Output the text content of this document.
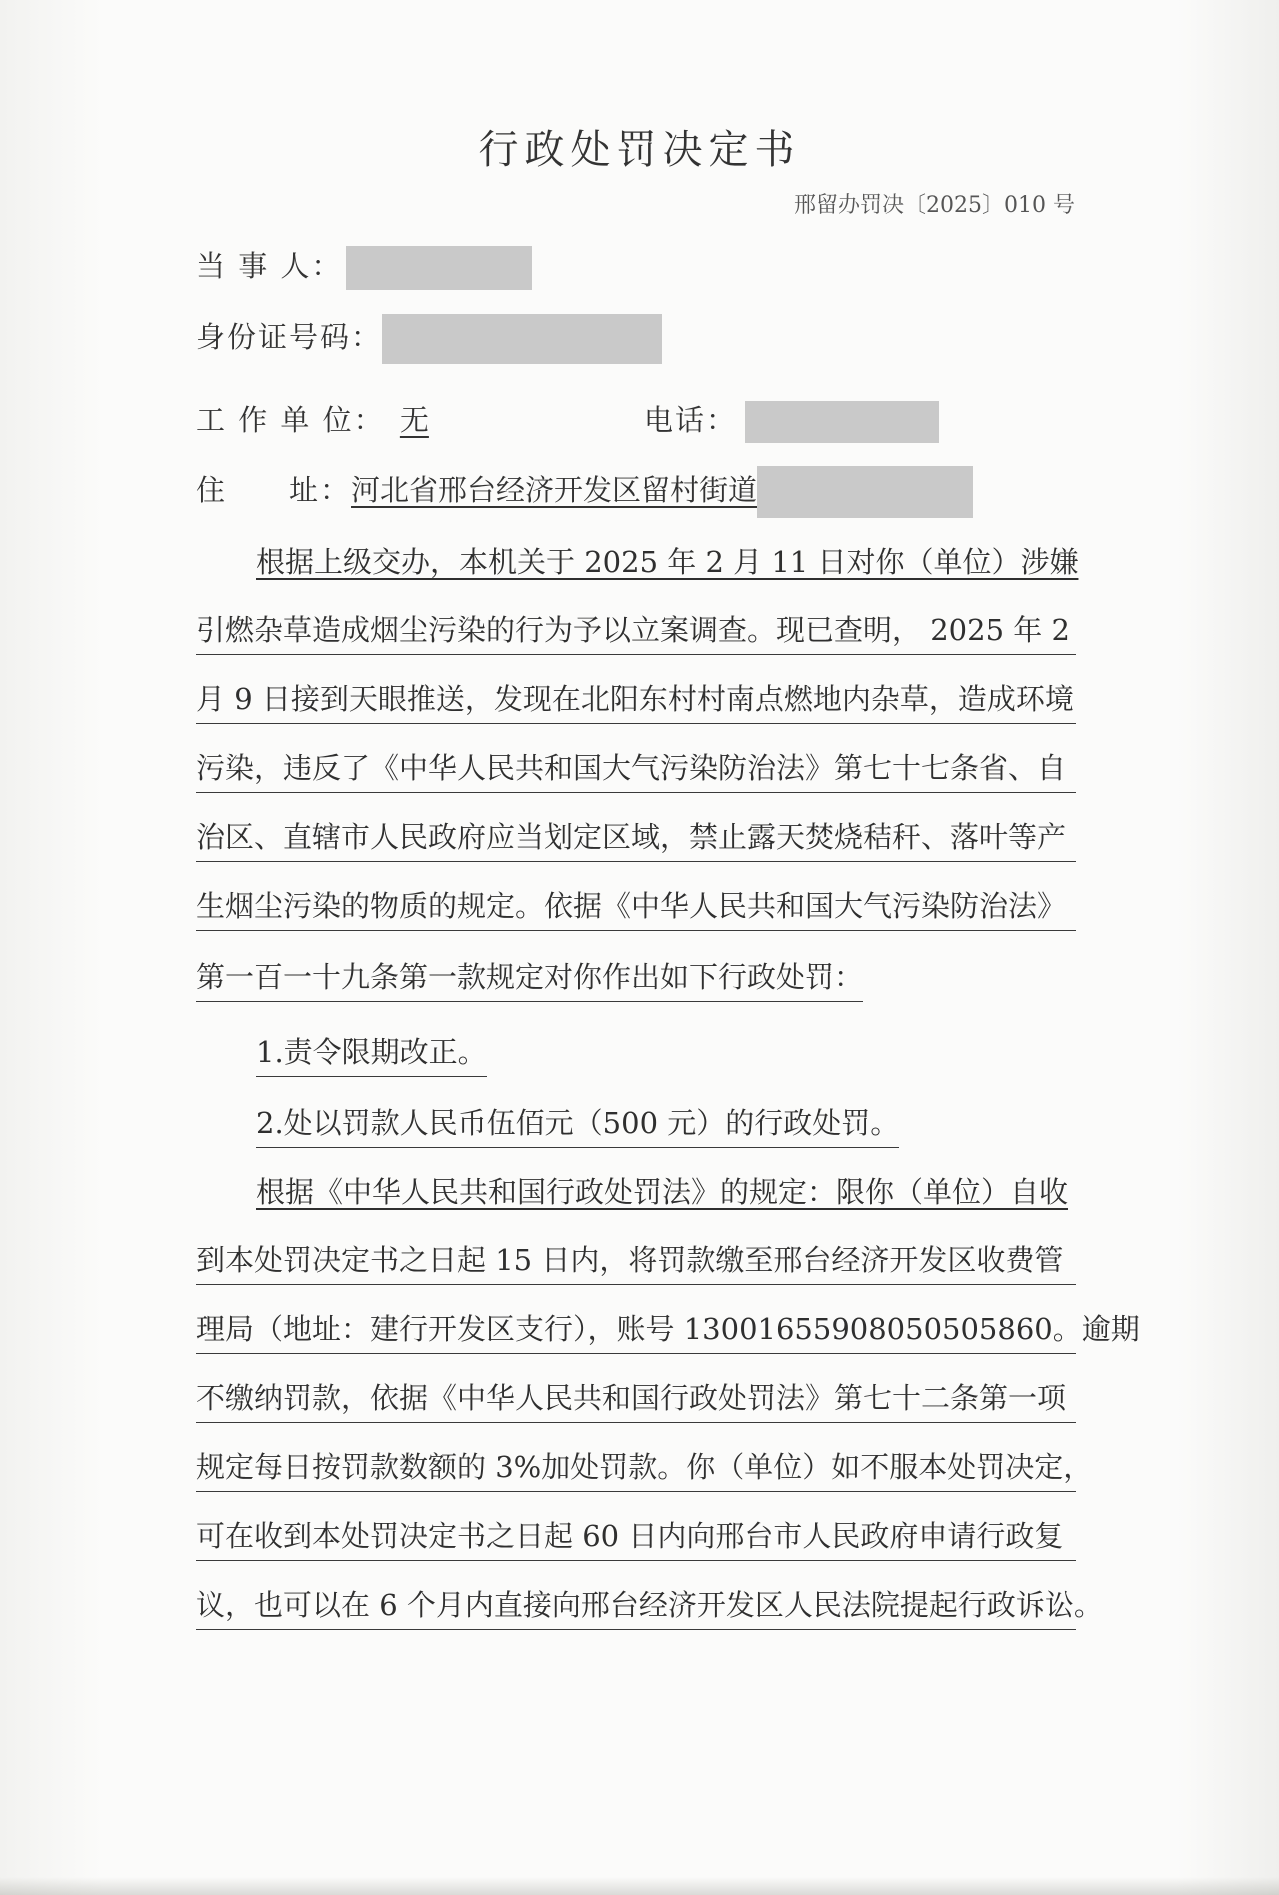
行政处罚决定书
邢留办罚决〔2025〕010 号
当 事 人：
身份证号码：
工 作 单 位： 无	电话：
住　　址：河北省邢台经济开发区留村街道
根据上级交办，本机关于 2025 年 2 月 11 日对你（单位）涉嫌
引燃杂草造成烟尘污染的行为予以立案调查。现已查明， 2025 年 2
月 9 日接到天眼推送，发现在北阳东村村南点燃地内杂草，造成环境
污染，违反了《中华人民共和国大气污染防治法》第七十七条省、自
治区、直辖市人民政府应当划定区域，禁止露天焚烧秸秆、落叶等产
生烟尘污染的物质的规定。依据《中华人民共和国大气污染防治法》
第一百一十九条第一款规定对你作出如下行政处罚：
1.责令限期改正。
2.处以罚款人民币伍佰元（500 元）的行政处罚。
根据《中华人民共和国行政处罚法》的规定：限你（单位）自收
到本处罚决定书之日起 15 日内，将罚款缴至邢台经济开发区收费管
理局（地址：建行开发区支行），账号 13001655908050505860。逾期
不缴纳罚款，依据《中华人民共和国行政处罚法》第七十二条第一项
规定每日按罚款数额的 3%加处罚款。你（单位）如不服本处罚决定，
可在收到本处罚决定书之日起 60 日内向邢台市人民政府申请行政复
议，也可以在 6 个月内直接向邢台经济开发区人民法院提起行政诉讼。
